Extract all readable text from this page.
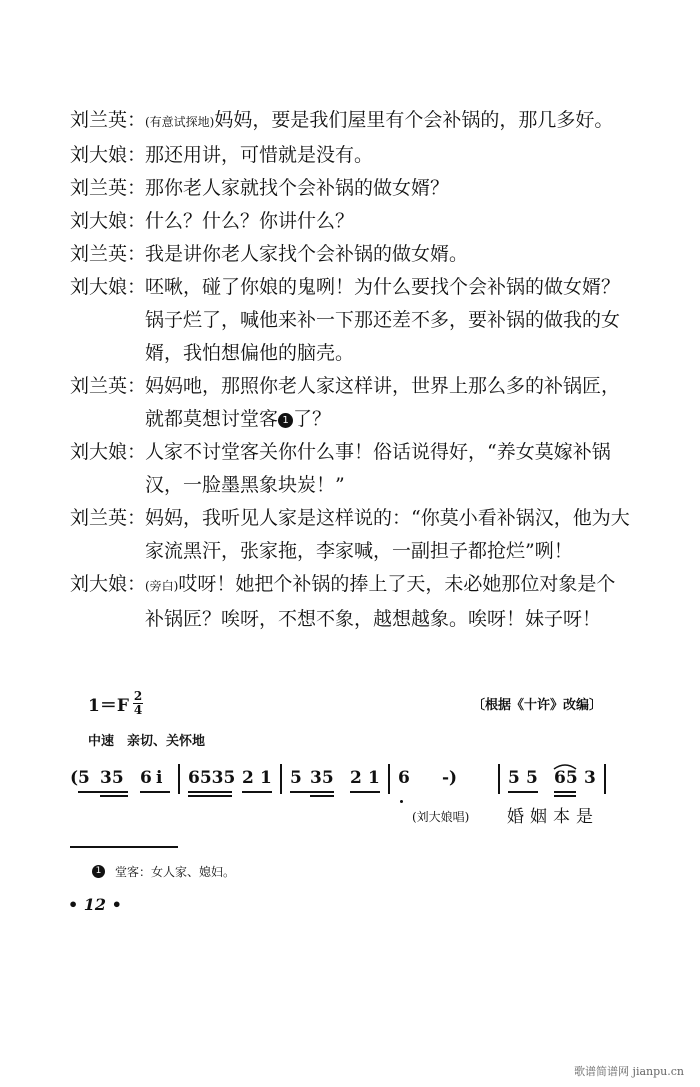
刘兰英：
(有意试探地)妈妈，要是我们屋里有个会补锅的，那几多好。
刘大娘：
那还用讲，可惜就是没有。
刘兰英：
那你老人家就找个会补锅的做女婿？
刘大娘：
什么？什么？你讲什么？
刘兰英：
我是讲你老人家找个会补锅的做女婿。
刘大娘：
呸啾，碰了你娘的鬼咧！为什么要找个会补锅的做女婿？锅子烂了，喊他来补一下那还差不多，要补锅的做我的女婿，我怕想偏他的脑壳。
刘兰英：
妈妈吔，那照你老人家这样讲，世界上那么多的补锅匠，就都莫想讨堂客 1 了？
刘大娘：
人家不讨堂客关你什么事！俗话说得好，“养女莫嫁补锅汉，一脸墨黑象块炭！”
刘兰英：
妈妈，我听见人家是这样说的：“你莫小看补锅汉，他为大家流黑汗，张家拖，李家喊，一副担子都抢烂”咧！
刘大娘：
(旁白)哎呀！她把个补锅的捧上了天，未必她那位对象是个补锅匠？唉呀，不想不象，越想越象。唉呀！妹子呀！
$1=F \frac{2}{4}$	〔根据《十许》改编〕
中速　亲切、关怀地
(5 35 6 i 6535 2 1 5 35 2 1 6 -)	5 5 65 3
(刘大娘唱) 婚姻本是
1	堂客：女人家、媳妇。
• 12 •
歌谱简谱网 jianpu.cn
